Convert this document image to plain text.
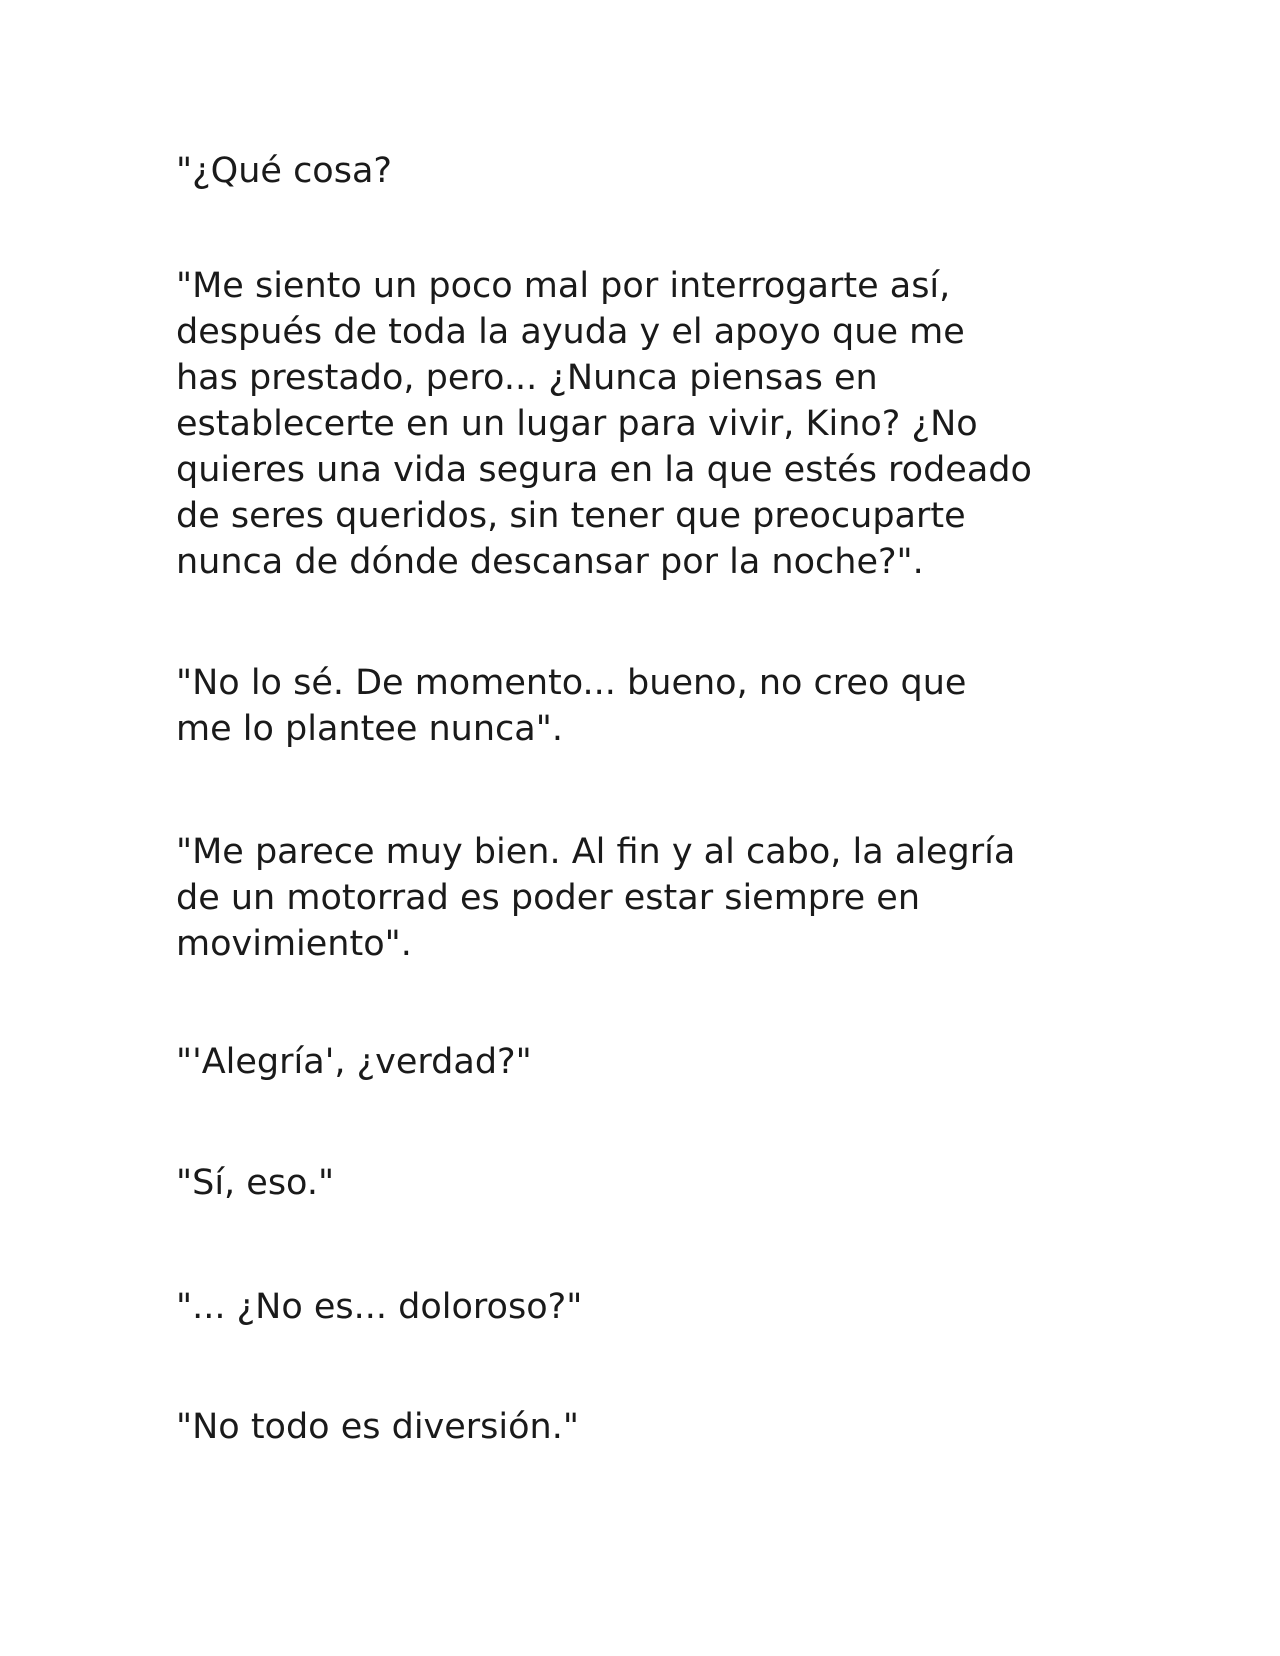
"¿Qué cosa?

"Me siento un poco mal por interrogarte así,
después de toda la ayuda y el apoyo que me
has prestado, pero... ¿Nunca piensas en
establecerte en un lugar para vivir, Kino? ¿No
quieres una vida segura en la que estés rodeado
de seres queridos, sin tener que preocuparte
nunca de dónde descansar por la noche?".

"No lo sé. De momento... bueno, no creo que
me lo plantee nunca".

"Me parece muy bien. Al fin y al cabo, la alegría
de un motorrad es poder estar siempre en
movimiento".

"'Alegría', ¿verdad?"

"Sí, eso."

"... ¿No es... doloroso?"

"No todo es diversión."
